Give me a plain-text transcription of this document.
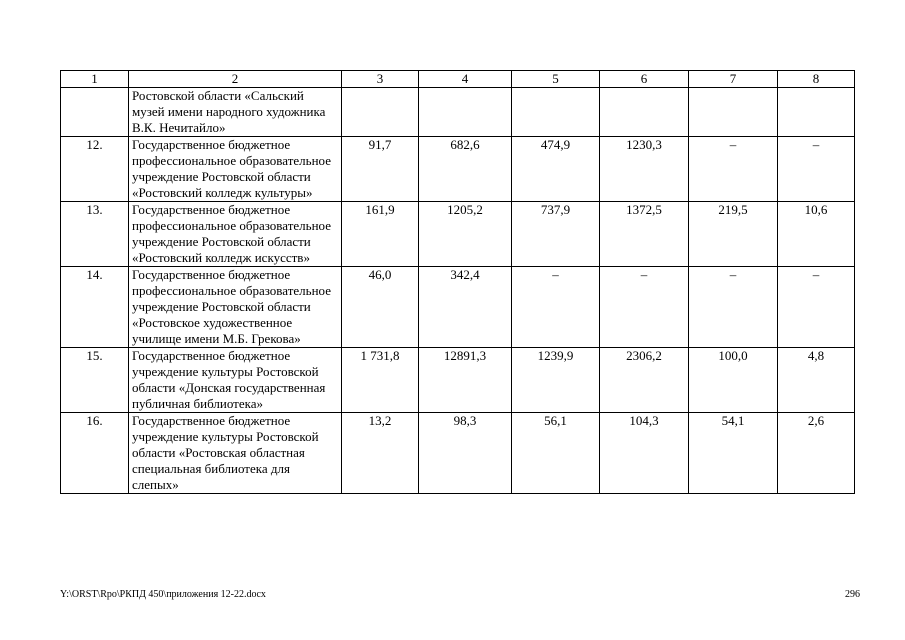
1	2	3	4	5	6	7	8
	Ростовской области «Сальский музей имени народного художника В.К. Нечитайло»						
12.	Государственное бюджетное профессиональное образовательное учреждение Ростовской области «Ростовский колледж культуры»	91,7	682,6	474,9	1230,3	–	–
13.	Государственное бюджетное профессиональное образовательное учреждение Ростовской области «Ростовский колледж искусств»	161,9	1205,2	737,9	1372,5	219,5	10,6
14.	Государственное бюджетное профессиональное образовательное учреждение Ростовской области «Ростовское художественное училище имени М.Б. Грекова»	46,0	342,4	–	–	–	–
15.	Государственное бюджетное учреждение культуры Ростовской области «Донская государственная публичная библиотека»	1 731,8	12891,3	1239,9	2306,2	100,0	4,8
16.	Государственное бюджетное учреждение культуры Ростовской области «Ростовская областная специальная библиотека для слепых»	13,2	98,3	56,1	104,3	54,1	2,6
Y:\ORST\Rpo\РКПД 450\приложения 12-22.docx	296
